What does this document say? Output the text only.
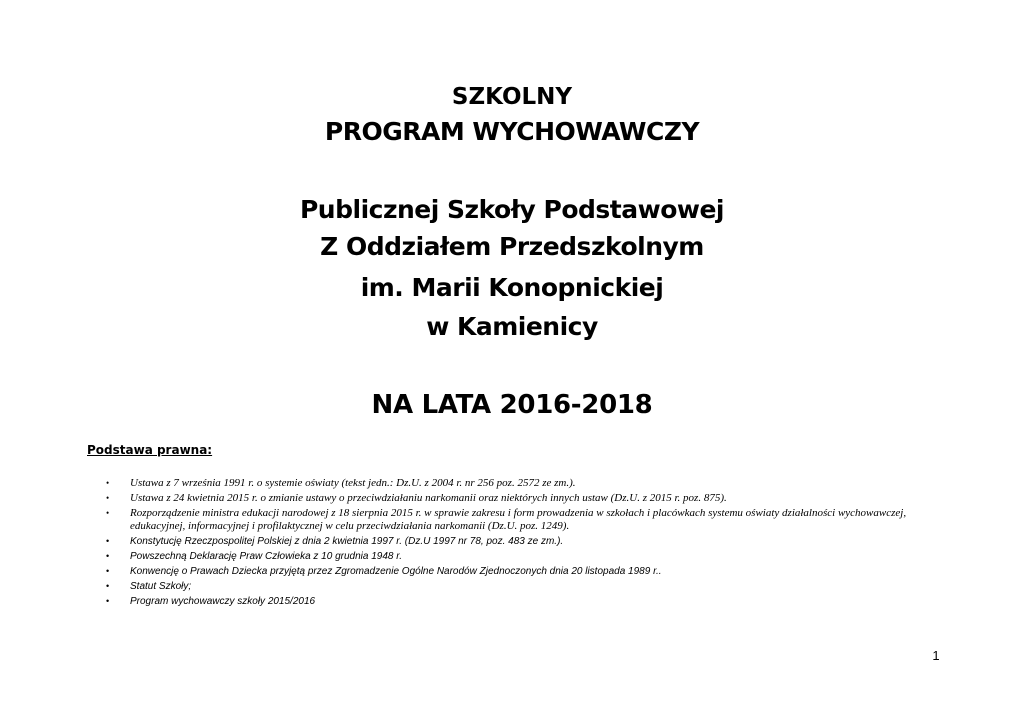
SZKOLNY
PROGRAM WYCHOWAWCZY
Publicznej Szkoły Podstawowej
Z Oddziałem Przedszkolnym
im. Marii Konopnickiej
w Kamienicy
NA LATA 2016-2018
Podstawa prawna:
• Ustawa z 7 września 1991 r. o systemie oświaty (tekst jedn.: Dz.U. z 2004 r. nr 256 poz. 2572 ze zm.).
• Ustawa z 24 kwietnia 2015 r. o zmianie ustawy o przeciwdziałaniu narkomanii oraz niektórych innych ustaw (Dz.U. z 2015 r. poz. 875).
• Rozporządzenie ministra edukacji narodowej z 18 sierpnia 2015 r. w sprawie zakresu i form prowadzenia w szkołach i placówkach systemu oświaty działalności wychowawczej, edukacyjnej, informacyjnej i profilaktycznej w celu przeciwdziałania narkomanii (Dz.U. poz. 1249).
• Konstytucję Rzeczpospolitej Polskiej z dnia 2 kwietnia 1997 r. (Dz.U 1997 nr 78, poz. 483 ze zm.).
• Powszechną Deklarację Praw Człowieka z 10 grudnia 1948 r.
• Konwencję o Prawach Dziecka przyjętą przez Zgromadzenie Ogólne Narodów Zjednoczonych dnia 20 listopada 1989 r..
• Statut Szkoły;
• Program wychowawczy szkoły 2015/2016
1
